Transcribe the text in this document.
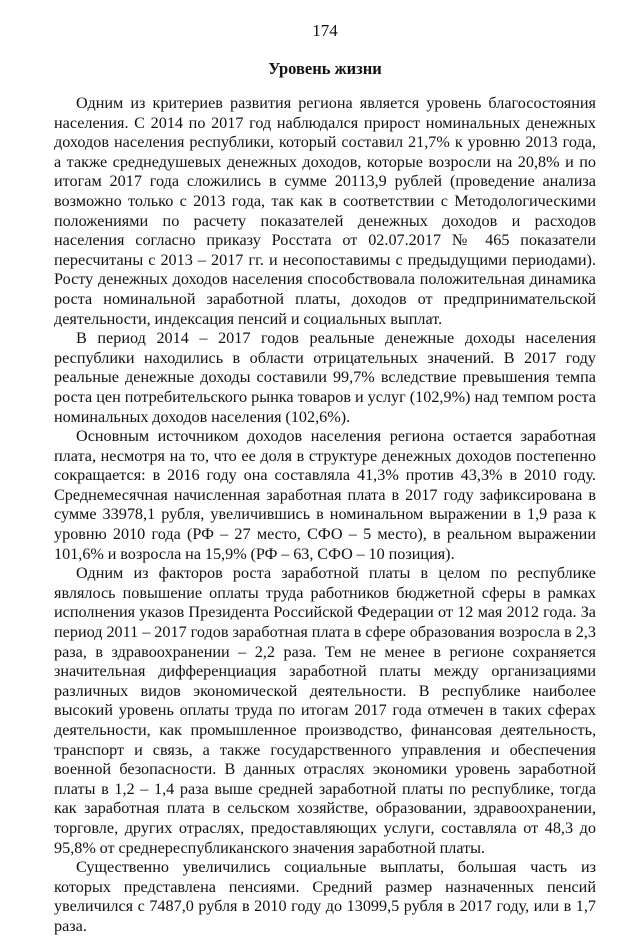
174
Уровень жизни

Одним из критериев развития региона является уровень благосостояния населения. С 2014 по 2017 год наблюдался прирост номинальных денежных доходов населения республики, который составил 21,7% к уровню 2013 года, а также среднедушевых денежных доходов, которые возросли на 20,8% и по итогам 2017 года сложились в сумме 20113,9 рублей (проведение анализа возможно только с 2013 года, так как в соответствии с Методологическими положениями по расчету показателей денежных доходов и расходов населения согласно приказу Росстата от 02.07.2017 № 465 показатели пересчитаны с 2013 – 2017 гг. и несопоставимы с предыдущими периодами). Росту денежных доходов населения способствовала положительная динамика роста номинальной заработной платы, доходов от предпринимательской деятельности, индексация пенсий и социальных выплат.

В период 2014 – 2017 годов реальные денежные доходы населения республики находились в области отрицательных значений. В 2017 году реальные денежные доходы составили 99,7% вследствие превышения темпа роста цен потребительского рынка товаров и услуг (102,9%) над темпом роста номинальных доходов населения (102,6%).

Основным источником доходов населения региона остается заработная плата, несмотря на то, что ее доля в структуре денежных доходов постепенно сокращается: в 2016 году она составляла 41,3% против 43,3% в 2010 году. Среднемесячная начисленная заработная плата в 2017 году зафиксирована в сумме 33978,1 рубля, увеличившись в номинальном выражении в 1,9 раза к уровню 2010 года (РФ – 27 место, СФО – 5 место), в реальном выражении 101,6% и возросла на 15,9% (РФ – 63, СФО – 10 позиция).

Одним из факторов роста заработной платы в целом по республике являлось повышение оплаты труда работников бюджетной сферы в рамках исполнения указов Президента Российской Федерации от 12 мая 2012 года. За период 2011 – 2017 годов заработная плата в сфере образования возросла в 2,3 раза, в здравоохранении – 2,2 раза. Тем не менее в регионе сохраняется значительная дифференциация заработной платы между организациями различных видов экономической деятельности. В республике наиболее высокий уровень оплаты труда по итогам 2017 года отмечен в таких сферах деятельности, как промышленное производство, финансовая деятельность, транспорт и связь, а также государственного управления и обеспечения военной безопасности. В данных отраслях экономики уровень заработной платы в 1,2 – 1,4 раза выше средней заработной платы по республике, тогда как заработная плата в сельском хозяйстве, образовании, здравоохранении, торговле, других отраслях, предоставляющих услуги, составляла от 48,3 до 95,8% от среднереспубликанского значения заработной платы.

Существенно увеличились социальные выплаты, большая часть из которых представлена пенсиями. Средний размер назначенных пенсий увеличился с 7487,0 рубля в 2010 году до 13099,5 рубля в 2017 году, или в 1,7 раза.
